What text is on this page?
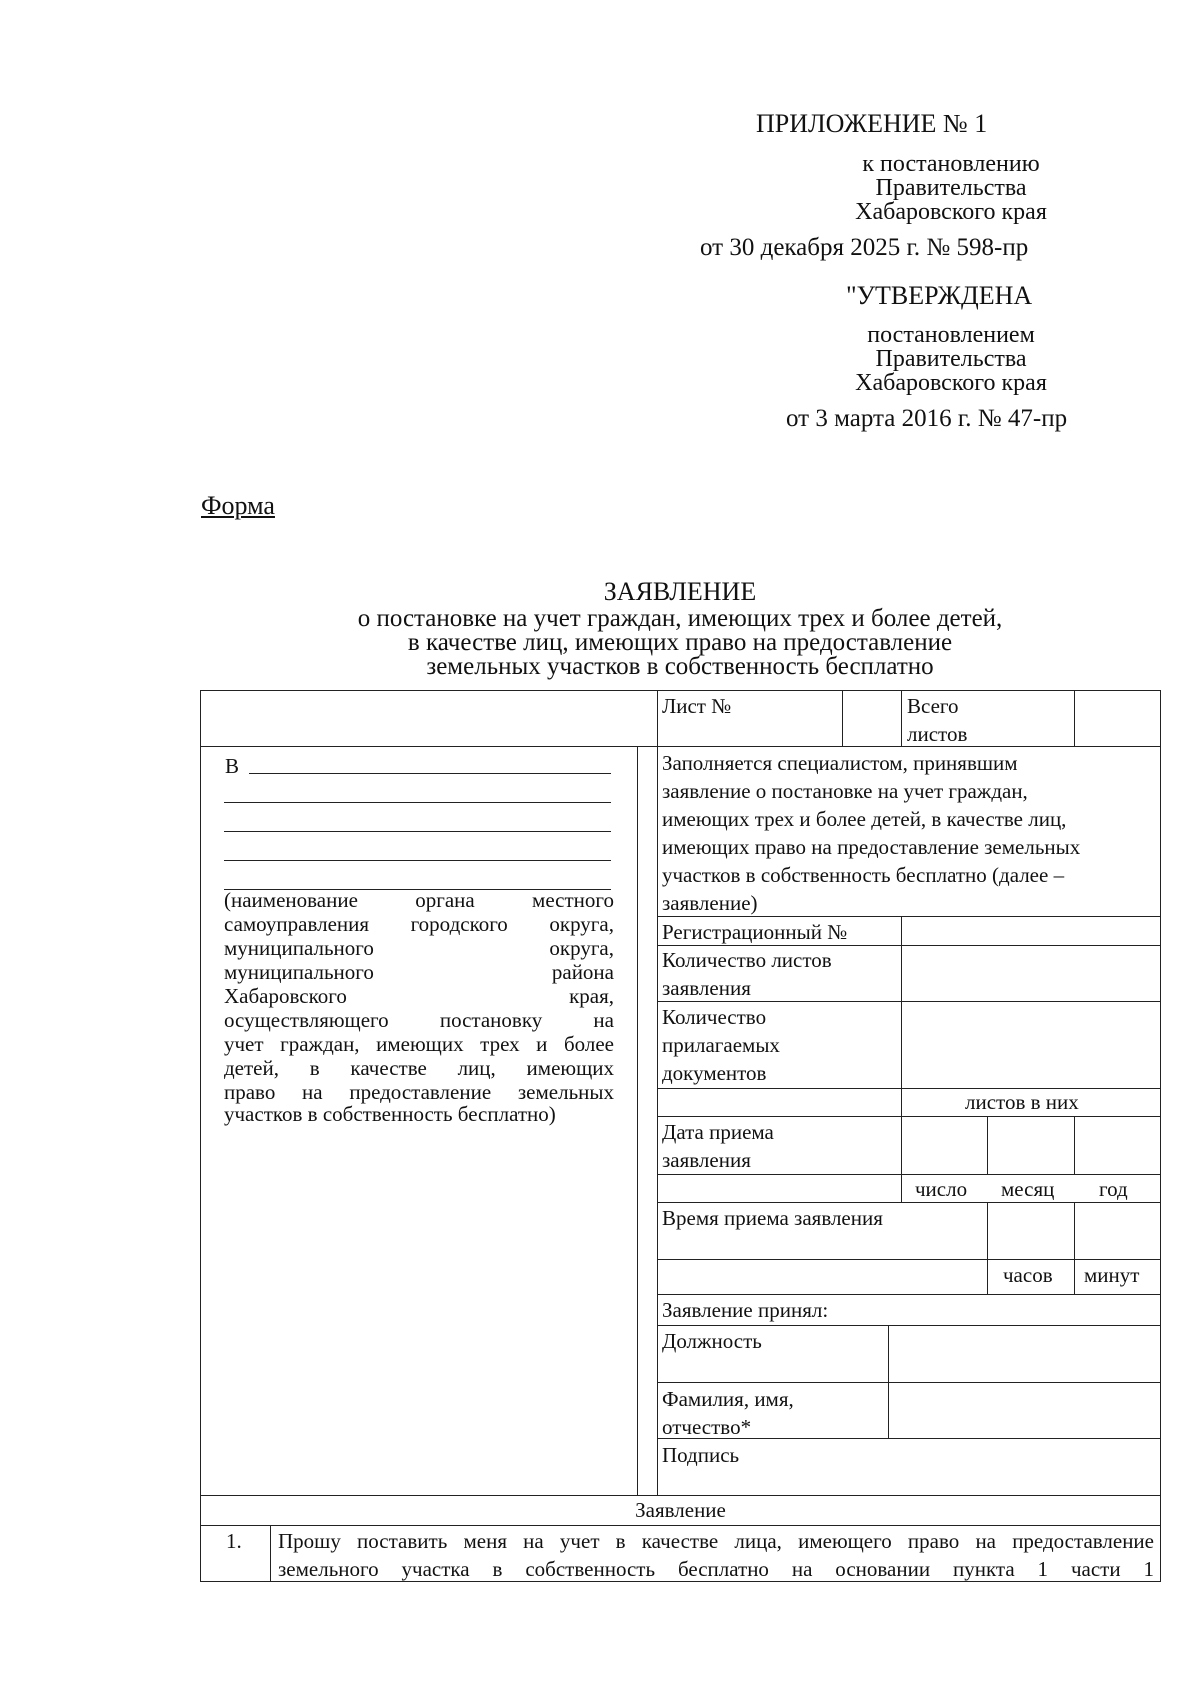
ПРИЛОЖЕНИЕ № 1
к постановлению
Правительства
Хабаровского края
от 30 декабря 2025 г. № 598-пр
"УТВЕРЖДЕНА
постановлением
Правительства
Хабаровского края
от 3 марта 2016 г. № 47-пр
Форма
ЗАЯВЛЕНИЕ
о постановке на учет граждан, имеющих трех и более детей,
в качестве лиц, имеющих право на предоставление
земельных участков в собственность бесплатно
Лист №	Всего
листов
В
(наименование органа местного
самоуправления городского округа,
муниципального округа,
муниципального района
Хабаровского края,
осуществляющего постановку на
учет граждан, имеющих трех и более
детей, в качестве лиц, имеющих
право на предоставление земельных
участков в собственность бесплатно)
Заполняется специалистом, принявшим
заявление о постановке на учет граждан,
имеющих трех и более детей, в качестве лиц,
имеющих право на предоставление земельных
участков в собственность бесплатно (далее –
заявление)
Регистрационный №
Количество листов
заявления
Количество
прилагаемых
документов
листов в них
Дата приема
заявления
число месяц год
Время приема заявления
часов минут
Заявление принял:
Должность
Фамилия, имя,
отчество*
Подпись
Заявление
1. Прошу поставить меня на учет в качестве лица, имеющего право на предоставление
земельного участка в собственность бесплатно на основании пункта 1 части 1
